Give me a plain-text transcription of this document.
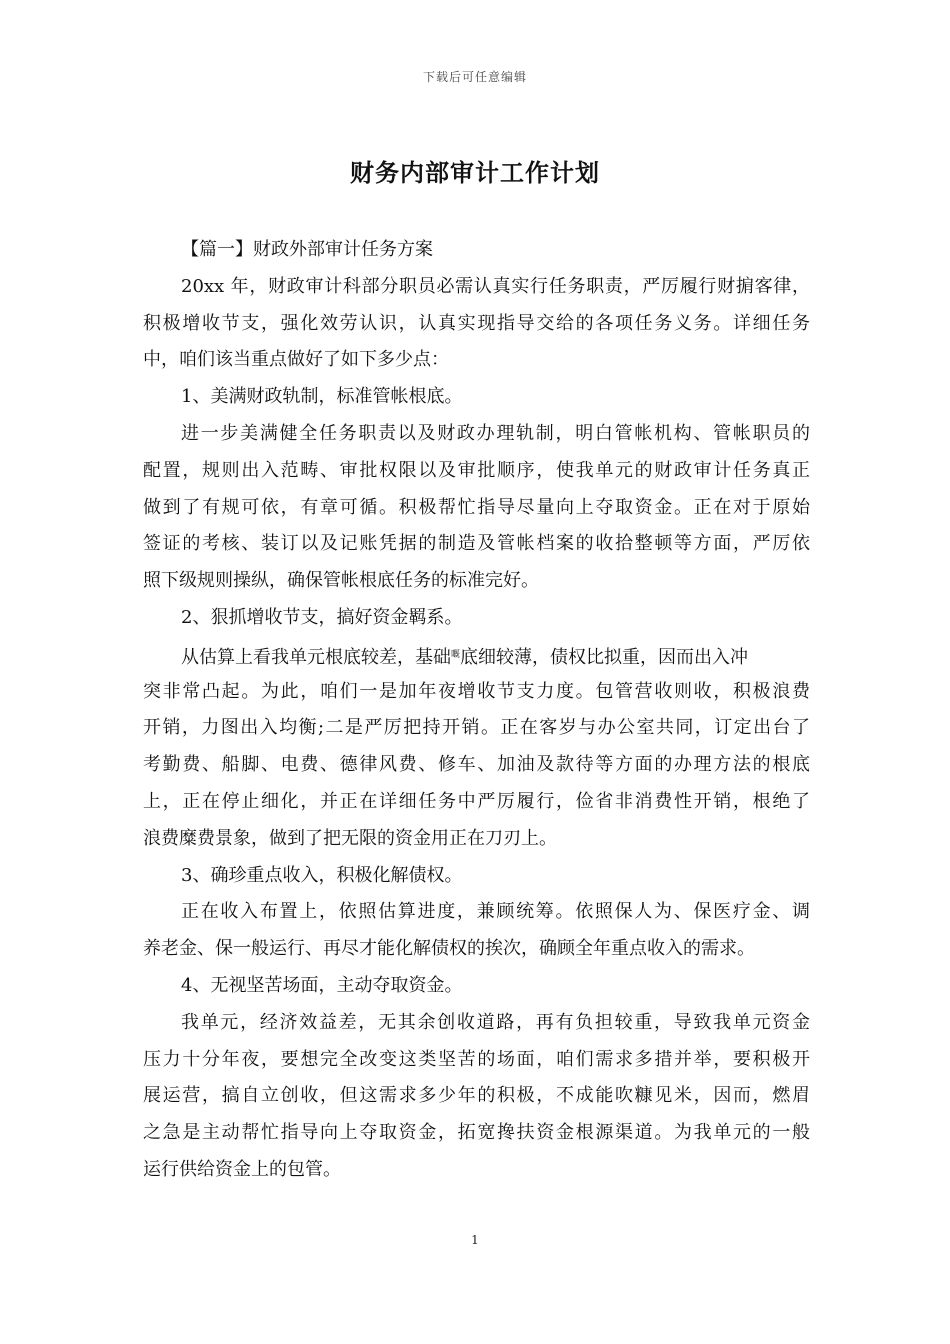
下载后可任意编辑
财务内部审计工作计划
【篇一】财政外部审计任务方案
20xx 年，财政审计科部分职员必需认真实行任务职责，严厉履行财掮客律，
积极增收节支，强化效劳认识，认真实现指导交给的各项任务义务。详细任务
中，咱们该当重点做好了如下多少点：
1、美满财政轨制，标准管帐根底。
进一步美满健全任务职责以及财政办理轨制，明白管帐机构、管帐职员的
配置，规则出入范畴、审批权限以及审批顺序，使我单元的财政审计任务真正
做到了有规可依，有章可循。积极帮忙指导尽量向上夺取资金。正在对于原始
签证的考核、装订以及记账凭据的制造及管帐档案的收拾整顿等方面，严厉依
照下级规则操纵，确保管帐根底任务的标准完好。
2、狠抓增收节支，搞好资金羁系。
从估算上看我单元根底较差，基础$^嘅$底细较薄，债权比拟重，因而出入冲
突非常凸起。为此，咱们一是加年夜增收节支力度。包管营收则收，积极浪费
开销，力图出入均衡;二是严厉把持开销。正在客岁与办公室共同，订定出台了
考勤费、船脚、电费、德律风费、修车、加油及款待等方面的办理方法的根底
上，正在停止细化，并正在详细任务中严厉履行，俭省非消费性开销，根绝了
浪费糜费景象，做到了把无限的资金用正在刀刃上。
3、确珍重点收入，积极化解债权。
正在收入布置上，依照估算进度，兼顾统筹。依照保人为、保医疗金、调
养老金、保一般运行、再尽才能化解债权的挨次，确顾全年重点收入的需求。
4、无视坚苦场面，主动夺取资金。
我单元，经济效益差，无其余创收道路，再有负担较重，导致我单元资金
压力十分年夜，要想完全改变这类坚苦的场面，咱们需求多措并举，要积极开
展运营，搞自立创收，但这需求多少年的积极，不成能吹糠见米，因而，燃眉
之急是主动帮忙指导向上夺取资金，拓宽搀扶资金根源渠道。为我单元的一般
运行供给资金上的包管。
1
